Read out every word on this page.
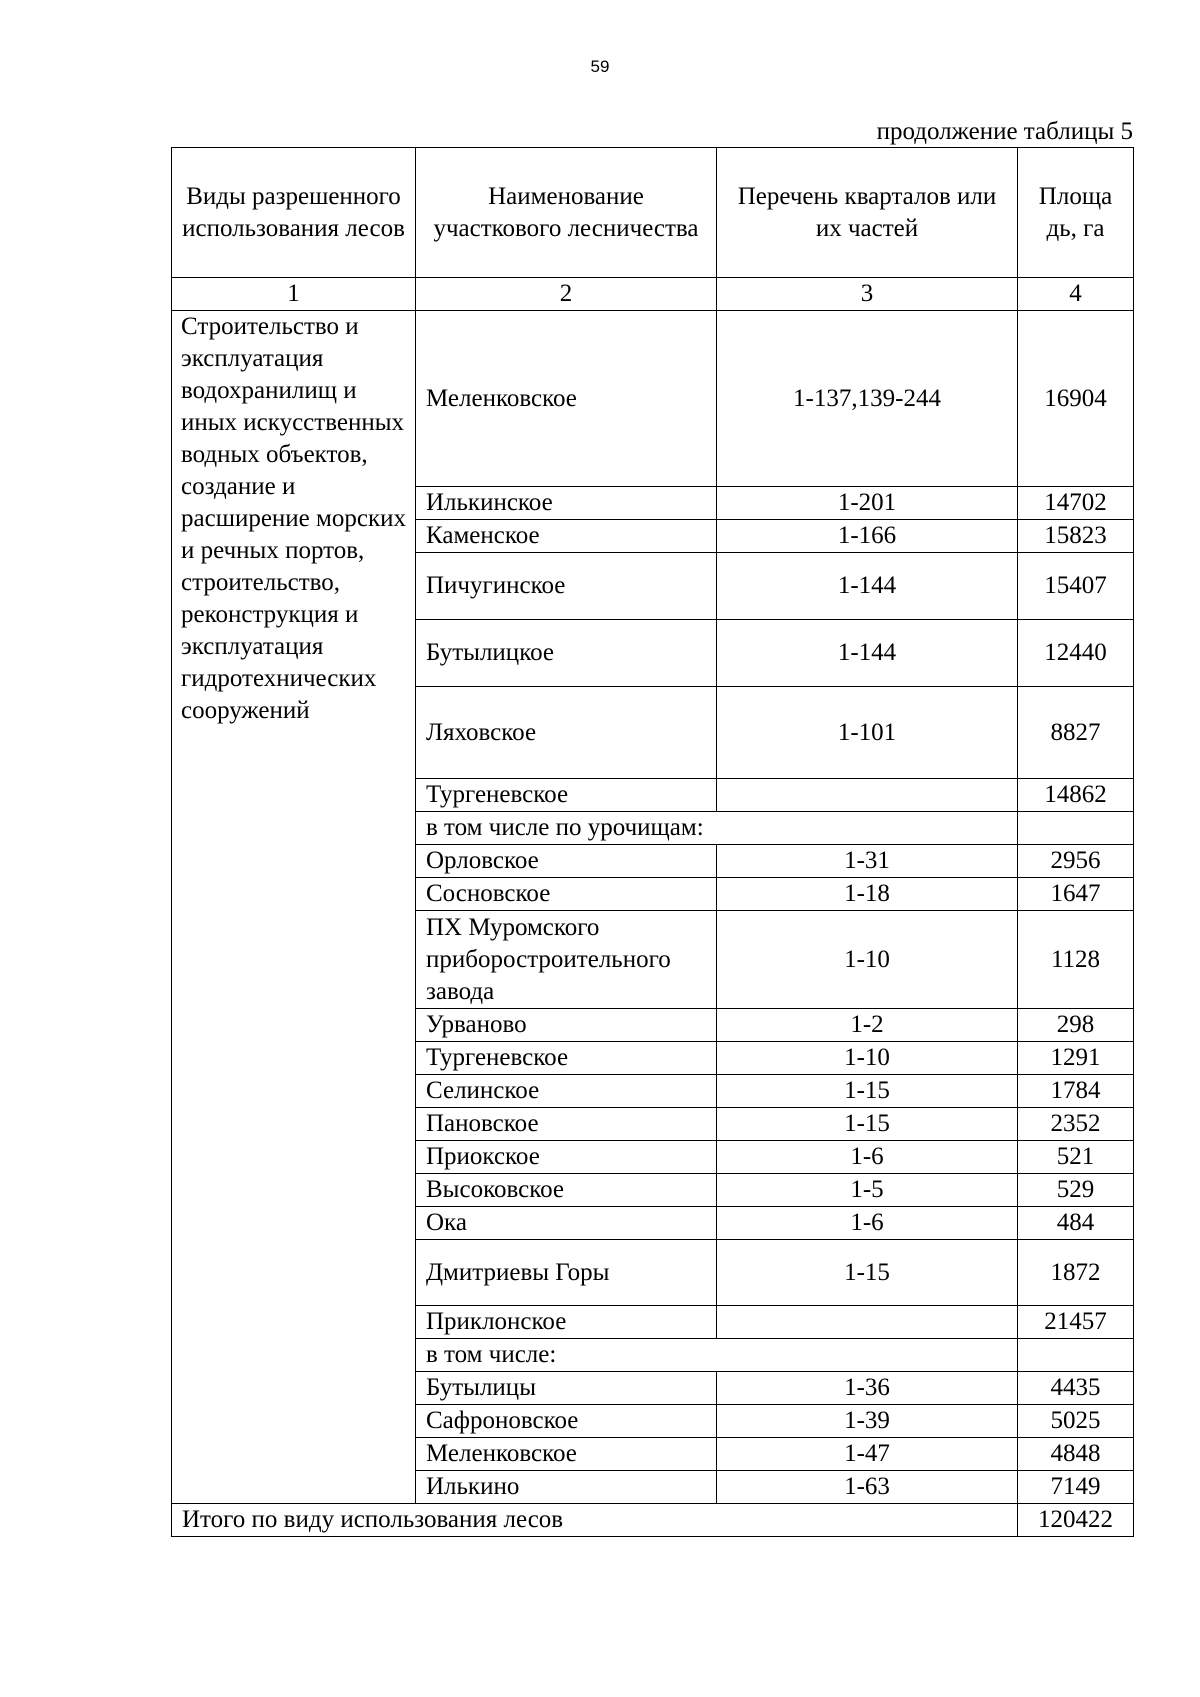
59
продолжение таблицы 5
Виды разрешенного использования лесов	Наименование участкового лесничества	Перечень кварталов или их частей	Площа дь, га
1	2	3	4
Строительство и эксплуатация водохранилищ и иных искусственных водных объектов, создание и расширение морских и речных портов, строительство, реконструкция и эксплуатация гидротехнических сооружений	Меленковское	1-137,139-244	16904
	Илькинское	1-201	14702
	Каменское	1-166	15823
	Пичугинское	1-144	15407
	Бутылицкое	1-144	12440
	Ляховское	1-101	8827
	Тургеневское		14862
	в том числе по урочищам:		
	Орловское	1-31	2956
	Сосновское	1-18	1647
	ПХ Муромского приборостроительного завода	1-10	1128
	Урваново	1-2	298
	Тургеневское	1-10	1291
	Селинское	1-15	1784
	Пановское	1-15	2352
	Приокское	1-6	521
	Высоковское	1-5	529
	Ока	1-6	484
	Дмитриевы Горы	1-15	1872
	Приклонское		21457
	в том числе:		
	Бутылицы	1-36	4435
	Сафроновское	1-39	5025
	Меленковское	1-47	4848
	Илькино	1-63	7149
Итого по виду использования лесов			120422
